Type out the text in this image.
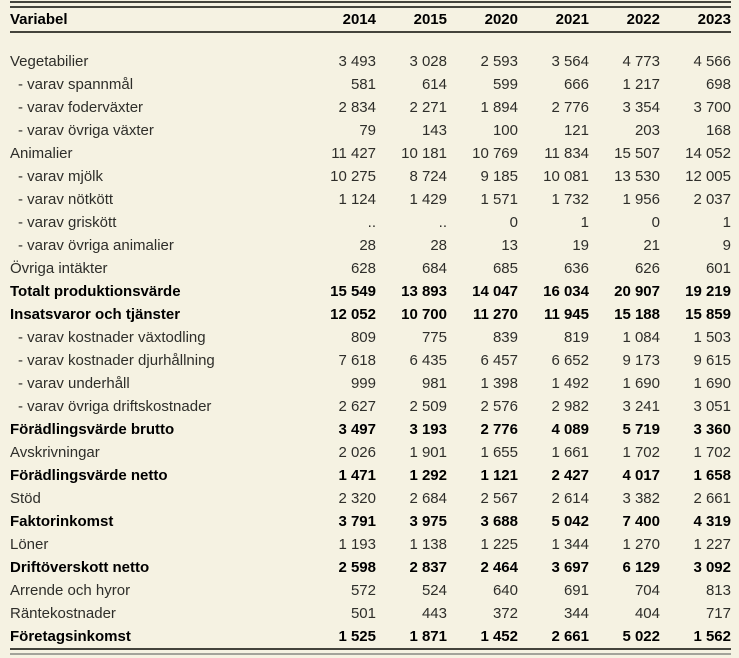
Variabel	2014	2015	2020	2021	2022	2023
Vegetabilier	3 493	3 028	2 593	3 564	4 773	4 566
- varav spannmål	581	614	599	666	1 217	698
- varav foderväxter	2 834	2 271	1 894	2 776	3 354	3 700
- varav övriga växter	79	143	100	121	203	168
Animalier	11 427	10 181	10 769	11 834	15 507	14 052
- varav mjölk	10 275	8 724	9 185	10 081	13 530	12 005
- varav nötkött	1 124	1 429	1 571	1 732	1 956	2 037
- varav griskött	..	..	0	1	0	1
- varav övriga animalier	28	28	13	19	21	9
Övriga intäkter	628	684	685	636	626	601
Totalt produktionsvärde	15 549	13 893	14 047	16 034	20 907	19 219
Insatsvaror och tjänster	12 052	10 700	11 270	11 945	15 188	15 859
- varav kostnader växtodling	809	775	839	819	1 084	1 503
- varav kostnader djurhållning	7 618	6 435	6 457	6 652	9 173	9 615
- varav underhåll	999	981	1 398	1 492	1 690	1 690
- varav övriga driftskostnader	2 627	2 509	2 576	2 982	3 241	3 051
Förädlingsvärde brutto	3 497	3 193	2 776	4 089	5 719	3 360
Avskrivningar	2 026	1 901	1 655	1 661	1 702	1 702
Förädlingsvärde netto	1 471	1 292	1 121	2 427	4 017	1 658
Stöd	2 320	2 684	2 567	2 614	3 382	2 661
Faktorinkomst	3 791	3 975	3 688	5 042	7 400	4 319
Löner	1 193	1 138	1 225	1 344	1 270	1 227
Driftöverskott netto	2 598	2 837	2 464	3 697	6 129	3 092
Arrende och hyror	572	524	640	691	704	813
Räntekostnader	501	443	372	344	404	717
Företagsinkomst	1 525	1 871	1 452	2 661	5 022	1 562
